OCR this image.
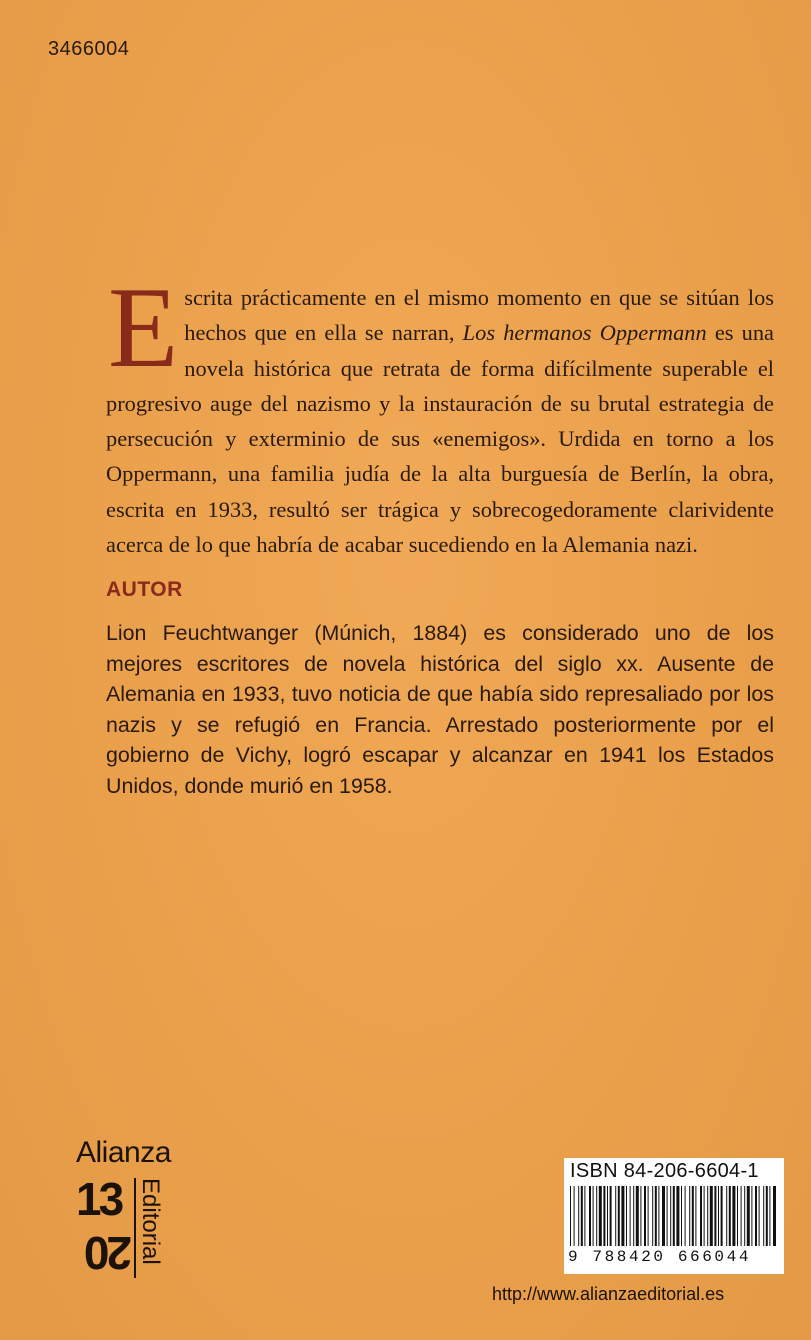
3466004

Escrita prácticamente en el mismo momento en que se sitúan los hechos que en ella se narran, Los hermanos Oppermann es una novela histórica que retrata de forma difícilmente superable el progresivo auge del nazismo y la instauración de su brutal estrategia de persecución y exterminio de sus «enemigos». Urdida en torno a los Oppermann, una familia judía de la alta burguesía de Berlín, la obra, escrita en 1933, resultó ser trágica y sobrecogedoramente clarividente acerca de lo que habría de acabar sucediendo en la Alemania nazi.

AUTOR

Lion Feuchtwanger (Múnich, 1884) es considerado uno de los mejores escritores de novela histórica del siglo xx. Ausente de Alemania en 1933, tuvo noticia de que había sido represaliado por los nazis y se refugió en Francia. Arrestado posteriormente por el gobierno de Vichy, logró escapar y alcanzar en 1941 los Estados Unidos, donde murió en 1958.

Alianza
13
20 Editorial
ISBN 84-206-6604-1
9 788420 666044
http://www.alianzaeditorial.es
